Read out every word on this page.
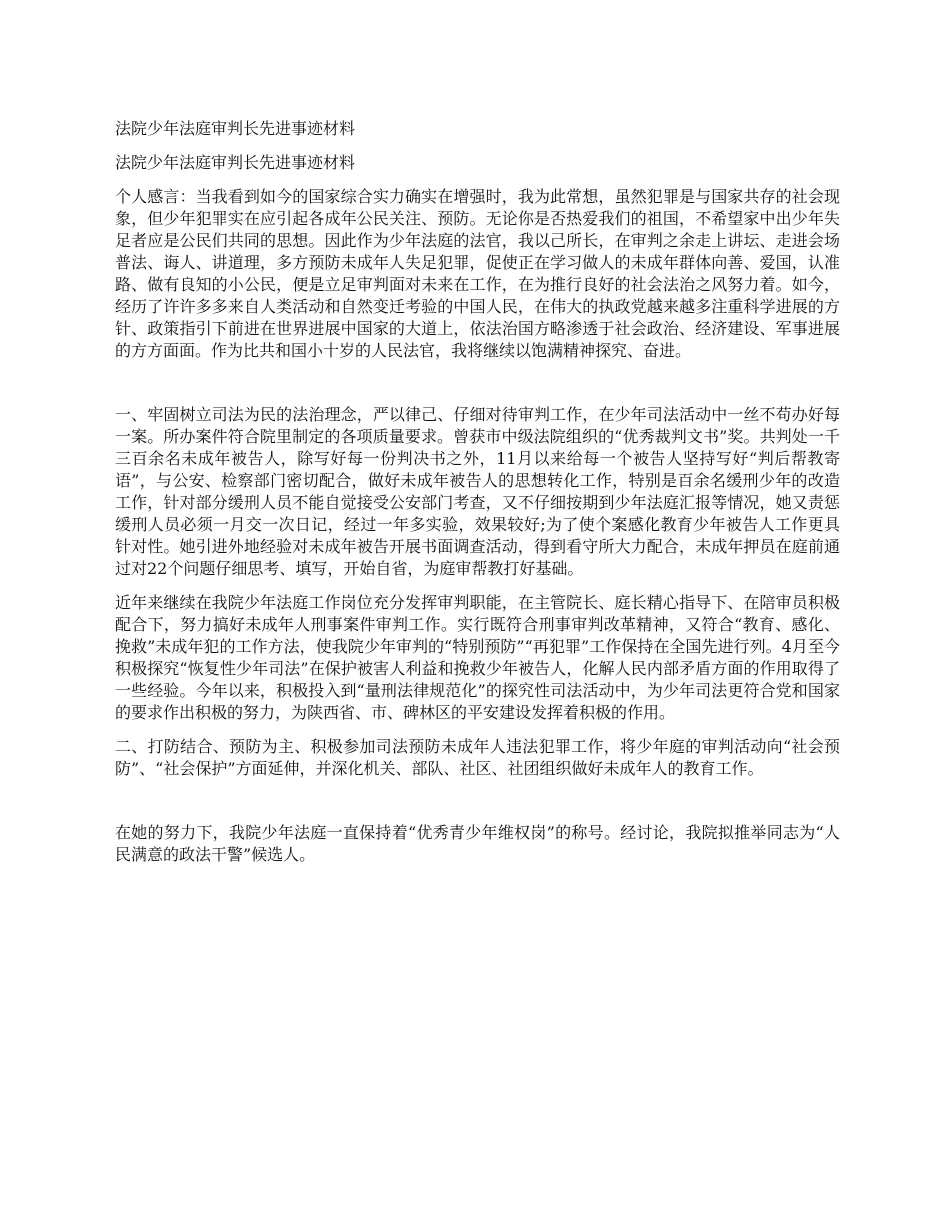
法院少年法庭审判长先进事迹材料
法院少年法庭审判长先进事迹材料

个人感言：当我看到如今的国家综合实力确实在增强时，我为此常想，虽然犯罪是与国家共存的社会现象，但少年犯罪实在应引起各成年公民关注、预防。无论你是否热爱我们的祖国，不希望家中出少年失足者应是公民们共同的思想。因此作为少年法庭的法官，我以己所长，在审判之余走上讲坛、走进会场普法、诲人、讲道理，多方预防未成年人失足犯罪，促使正在学习做人的未成年群体向善、爱国，认准路、做有良知的小公民，便是立足审判面对未来在工作，在为推行良好的社会法治之风努力着。如今，经历了许许多多来自人类活动和自然变迁考验的中国人民，在伟大的执政党越来越多注重科学进展的方针、政策指引下前进在世界进展中国家的大道上，依法治国方略渗透于社会政治、经济建设、军事进展的方方面面。作为比共和国小十岁的人民法官，我将继续以饱满精神探究、奋进。

一、牢固树立司法为民的法治理念，严以律己、仔细对待审判工作，在少年司法活动中一丝不苟办好每一案。所办案件符合院里制定的各项质量要求。曾获市中级法院组织的“优秀裁判文书”奖。共判处一千三百余名未成年被告人，除写好每一份判决书之外，11月以来给每一个被告人坚持写好“判后帮教寄语”，与公安、检察部门密切配合，做好未成年被告人的思想转化工作，特别是百余名缓刑少年的改造工作，针对部分缓刑人员不能自觉接受公安部门考查，又不仔细按期到少年法庭汇报等情况，她又责惩缓刑人员必须一月交一次日记，经过一年多实验，效果较好;为了使个案感化教育少年被告人工作更具针对性。她引进外地经验对未成年被告开展书面调查活动，得到看守所大力配合，未成年押员在庭前通过对22个问题仔细思考、填写，开始自省，为庭审帮教打好基础。

近年来继续在我院少年法庭工作岗位充分发挥审判职能，在主管院长、庭长精心指导下、在陪审员积极配合下，努力搞好未成年人刑事案件审判工作。实行既符合刑事审判改革精神，又符合“教育、感化、挽救”未成年犯的工作方法，使我院少年审判的“特别预防”“再犯罪”工作保持在全国先进行列。4月至今积极探究“恢复性少年司法”在保护被害人利益和挽救少年被告人，化解人民内部矛盾方面的作用取得了一些经验。今年以来，积极投入到“量刑法律规范化”的探究性司法活动中，为少年司法更符合党和国家的要求作出积极的努力，为陕西省、市、碑林区的平安建设发挥着积极的作用。

二、打防结合、预防为主、积极参加司法预防未成年人违法犯罪工作，将少年庭的审判活动向“社会预防”、“社会保护”方面延伸，并深化机关、部队、社区、社团组织做好未成年人的教育工作。

在她的努力下，我院少年法庭一直保持着“优秀青少年维权岗”的称号。经讨论，我院拟推举同志为“人民满意的政法干警”候选人。
